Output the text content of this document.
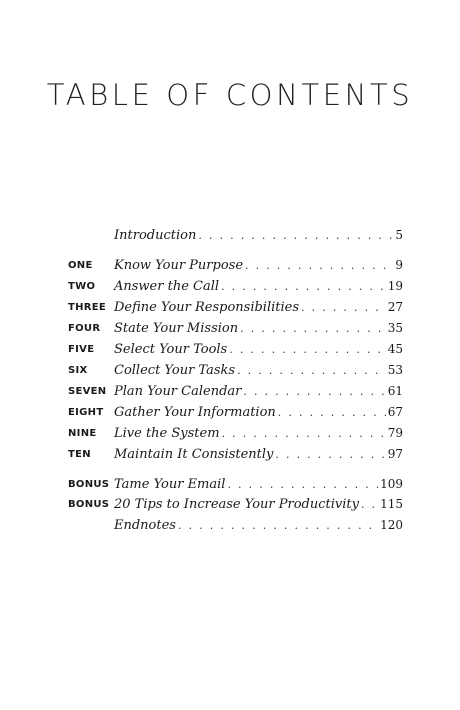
TABLE OF CONTENTS
Introduction . . .	5
ONE Know Your Purpose . . .	9
TWO Answer the Call . . .	19
THREE Define Your Responsibilities . . .	27
FOUR State Your Mission . . .	35
FIVE Select Your Tools . . .	45
SIX Collect Your Tasks . . .	53
SEVEN Plan Your Calendar . . .	61
EIGHT Gather Your Information . . .	67
NINE Live the System . . .	79
TEN Maintain It Consistently . . .	97
BONUS Tame Your Email . . .	109
BONUS 20 Tips to Increase Your Productivity . . . 115
Endnotes . . .	120
